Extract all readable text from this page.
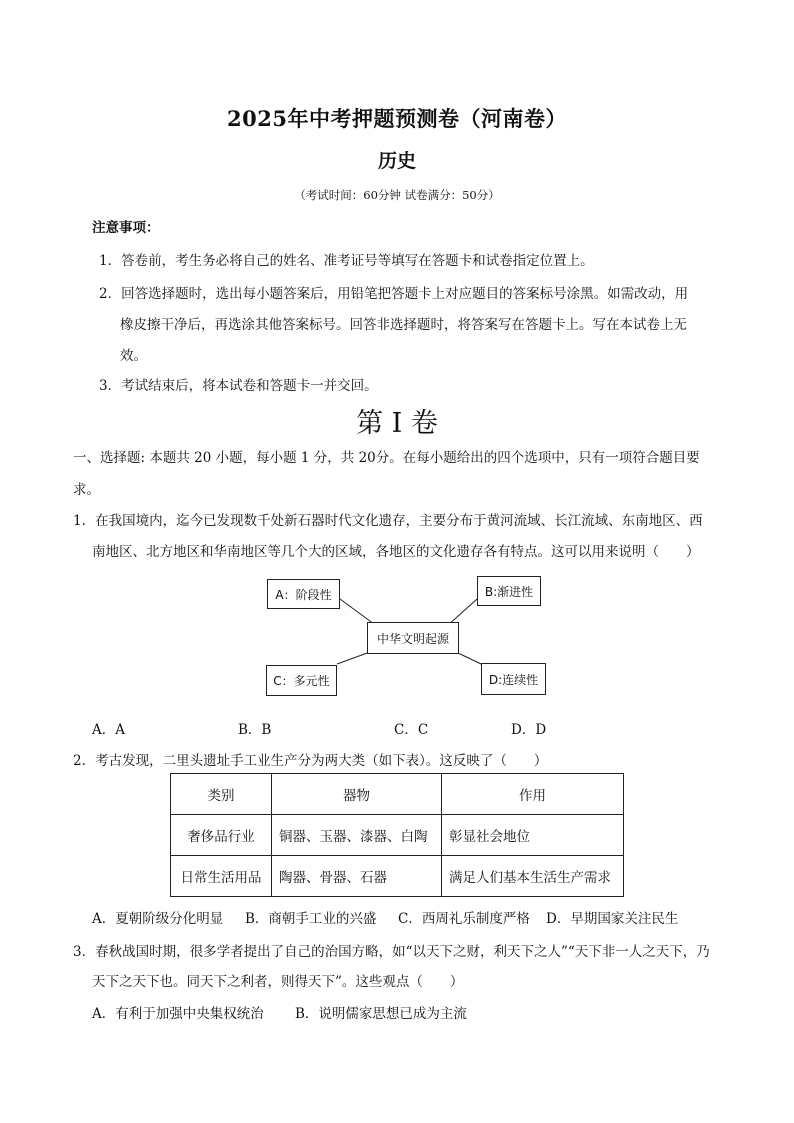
2025年中考押题预测卷（河南卷）
历史
（考试时间：60分钟 试卷满分：50分）
注意事项：
1．答卷前，考生务必将自己的姓名、准考证号等填写在答题卡和试卷指定位置上。
2．回答选择题时，选出每小题答案后，用铅笔把答题卡上对应题目的答案标号涂黑。如需改动，用
橡皮擦干净后，再选涂其他答案标号。回答非选择题时，将答案写在答题卡上。写在本试卷上无
效。
3．考试结束后，将本试卷和答题卡一并交回。
第 I 卷
一、选择题: 本题共 20 小题，每小题 1 分，共 20分。在每小题给出的四个选项中，只有一项符合题目要
求。
1．在我国境内，迄今已发现数千处新石器时代文化遗存，主要分布于黄河流域、长江流域、东南地区、西
南地区、北方地区和华南地区等几个大的区域，各地区的文化遗存各有特点。这可以用来说明（　　）
A：阶段性	B:渐进性
中华文明起源
C：多元性	D:连续性
A．A	B．B	C．C	D．D
2．考古发现，二里头遗址手工业生产分为两大类（如下表）。这反映了（　　）
类别	器物	作用
奢侈品行业	铜器、玉器、漆器、白陶	彰显社会地位
日常生活用品	陶器、骨器、石器	满足人们基本生活生产需求
A．夏朝阶级分化明显 B．商朝手工业的兴盛 C．西周礼乐制度严格 D．早期国家关注民生
3．春秋战国时期，很多学者提出了自己的治国方略，如“以天下之财，利天下之人”“天下非一人之天下，乃
天下之天下也。同天下之利者，则得天下”。这些观点（　　）
A．有利于加强中央集权统治 B．说明儒家思想已成为主流
